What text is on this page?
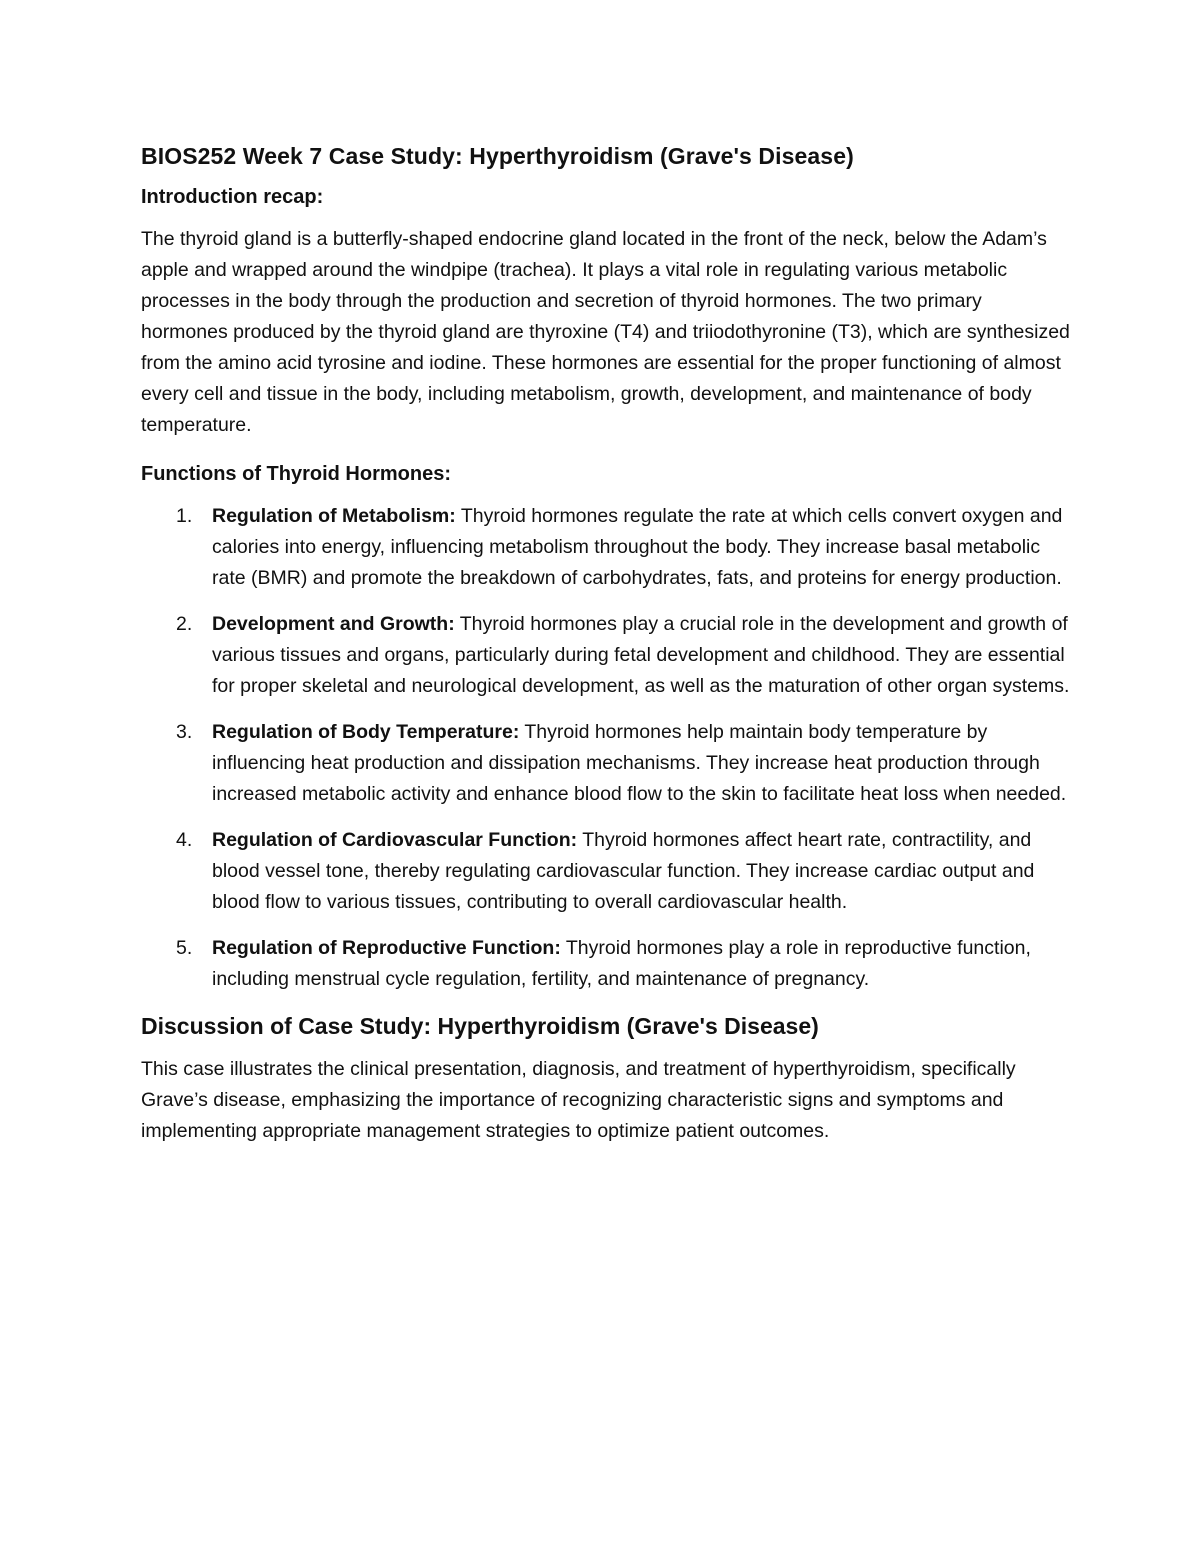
BIOS252 Week 7 Case Study: Hyperthyroidism (Grave's Disease)
Introduction recap:

The thyroid gland is a butterfly-shaped endocrine gland located in the front of the neck, below the Adam’s apple and wrapped around the windpipe (trachea). It plays a vital role in regulating various metabolic processes in the body through the production and secretion of thyroid hormones. The two primary hormones produced by the thyroid gland are thyroxine (T4) and triiodothyronine (T3), which are synthesized from the amino acid tyrosine and iodine. These hormones are essential for the proper functioning of almost every cell and tissue in the body, including metabolism, growth, development, and maintenance of body temperature.

Functions of Thyroid Hormones:
1. Regulation of Metabolism: Thyroid hormones regulate the rate at which cells convert oxygen and calories into energy, influencing metabolism throughout the body. They increase basal metabolic rate (BMR) and promote the breakdown of carbohydrates, fats, and proteins for energy production.
2. Development and Growth: Thyroid hormones play a crucial role in the development and growth of various tissues and organs, particularly during fetal development and childhood. They are essential for proper skeletal and neurological development, as well as the maturation of other organ systems.
3. Regulation of Body Temperature: Thyroid hormones help maintain body temperature by influencing heat production and dissipation mechanisms. They increase heat production through increased metabolic activity and enhance blood flow to the skin to facilitate heat loss when needed.
4. Regulation of Cardiovascular Function: Thyroid hormones affect heart rate, contractility, and blood vessel tone, thereby regulating cardiovascular function. They increase cardiac output and blood flow to various tissues, contributing to overall cardiovascular health.
5. Regulation of Reproductive Function: Thyroid hormones play a role in reproductive function, including menstrual cycle regulation, fertility, and maintenance of pregnancy.
Discussion of Case Study: Hyperthyroidism (Grave's Disease)

This case illustrates the clinical presentation, diagnosis, and treatment of hyperthyroidism, specifically Grave’s disease, emphasizing the importance of recognizing characteristic signs and symptoms and implementing appropriate management strategies to optimize patient outcomes.
